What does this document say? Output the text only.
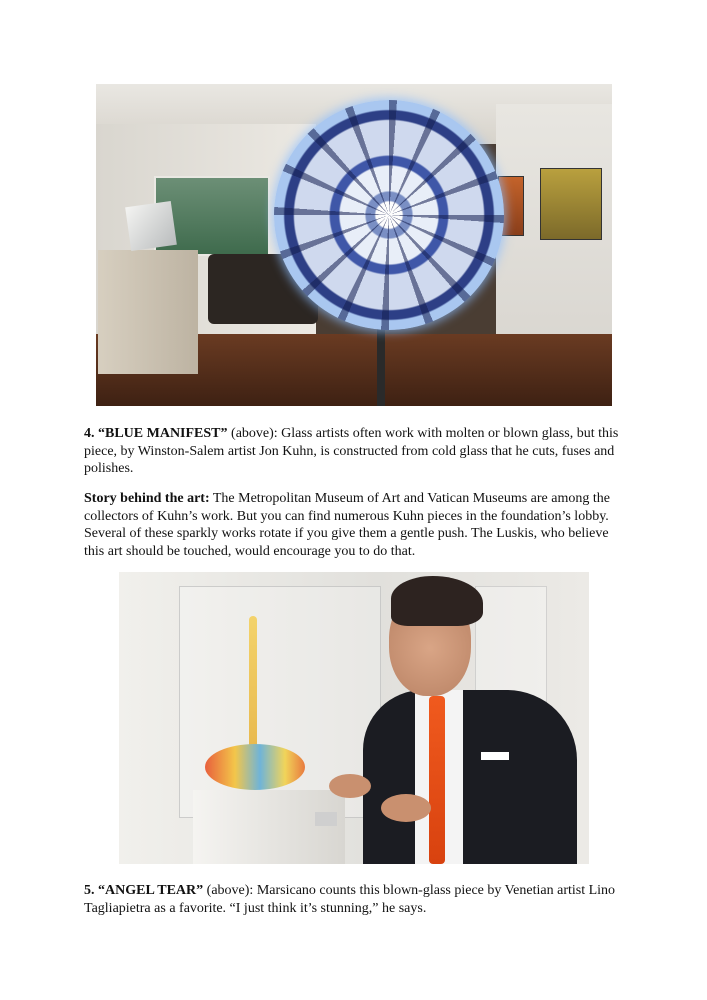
4. “BLUE MANIFEST” (above): Glass artists often work with molten or blown glass, but this piece, by Winston-Salem artist Jon Kuhn, is constructed from cold glass that he cuts, fuses and polishes.

Story behind the art: The Metropolitan Museum of Art and Vatican Museums are among the collectors of Kuhn’s work. But you can find numerous Kuhn pieces in the foundation’s lobby. Several of these sparkly works rotate if you give them a gentle push. The Luskis, who believe this art should be touched, would encourage you to do that.

5. “ANGEL TEAR” (above): Marsicano counts this blown-glass piece by Venetian artist Lino Tagliapietra as a favorite. “I just think it’s stunning,” he says.
